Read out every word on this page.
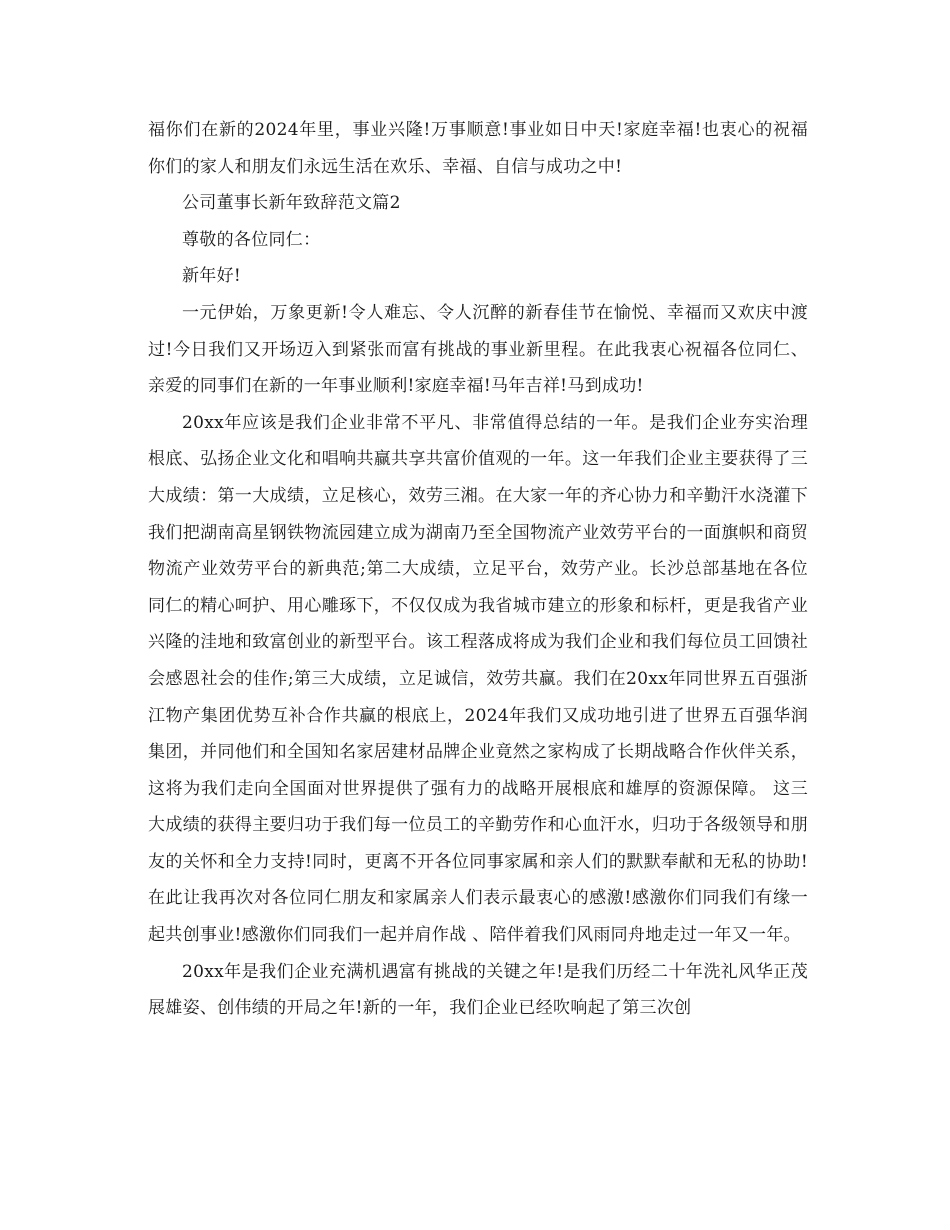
福你们在新的2024年里，事业兴隆!万事顺意!事业如日中天!家庭幸福!也衷心的祝福你们的家人和朋友们永远生活在欢乐、幸福、自信与成功之中!

公司董事长新年致辞范文篇2

尊敬的各位同仁：

新年好!

一元伊始，万象更新!令人难忘、令人沉醉的新春佳节在愉悦、幸福而又欢庆中渡过!今日我们又开场迈入到紧张而富有挑战的事业新里程。在此我衷心祝福各位同仁、亲爱的同事们在新的一年事业顺利!家庭幸福!马年吉祥!马到成功!

20xx年应该是我们企业非常不平凡、非常值得总结的一年。是我们企业夯实治理根底、弘扬企业文化和唱响共赢共享共富价值观的一年。这一年我们企业主要获得了三大成绩：第一大成绩，立足核心，效劳三湘。在大家一年的齐心协力和辛勤汗水浇灌下我们把湖南高星钢铁物流园建立成为湖南乃至全国物流产业效劳平台的一面旗帜和商贸物流产业效劳平台的新典范;第二大成绩，立足平台，效劳产业。长沙总部基地在各位同仁的精心呵护、用心雕琢下，不仅仅成为我省城市建立的形象和标杆，更是我省产业兴隆的洼地和致富创业的新型平台。该工程落成将成为我们企业和我们每位员工回馈社会感恩社会的佳作;第三大成绩，立足诚信，效劳共赢。我们在20xx年同世界五百强浙江物产集团优势互补合作共赢的根底上，2024年我们又成功地引进了世界五百强华润集团，并同他们和全国知名家居建材品牌企业竟然之家构成了长期战略合作伙伴关系，这将为我们走向全国面对世界提供了强有力的战略开展根底和雄厚的资源保障。 这三大成绩的获得主要归功于我们每一位员工的辛勤劳作和心血汗水，归功于各级领导和朋友的关怀和全力支持!同时，更离不开各位同事家属和亲人们的默默奉献和无私的协助!在此让我再次对各位同仁朋友和家属亲人们表示最衷心的感激!感激你们同我们有缘一起共创事业!感激你们同我们一起并肩作战 、陪伴着我们风雨同舟地走过一年又一年。

20xx年是我们企业充满机遇富有挑战的关键之年!是我们历经二十年洗礼风华正茂展雄姿、创伟绩的开局之年!新的一年，我们企业已经吹响起了第三次创
